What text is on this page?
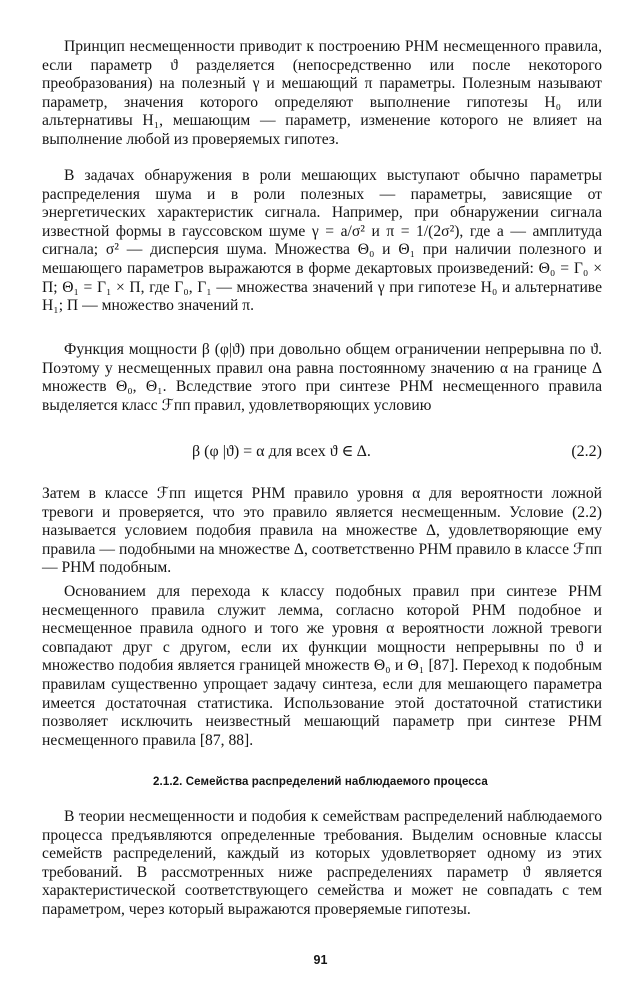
Принцип несмещенности приводит к построению РНМ несмещенного правила, если параметр ϑ разделяется (непосредственно или после некоторого преобразования) на полезный γ и мешающий π параметры. Полезным называют параметр, значения которого определяют выполнение гипотезы H₀ или альтернативы H₁, мешающим — параметр, изменение которого не влияет на выполнение любой из проверяемых гипотез.

В задачах обнаружения в роли мешающих выступают обычно параметры распределения шума и в роли полезных — параметры, зависящие от энергетических характеристик сигнала. Например, при обнаружении сигнала известной формы в гауссовском шуме γ = a/σ² и π = 1/(2σ²), где a — амплитуда сигнала; σ² — дисперсия шума. Множества Θ₀ и Θ₁ при наличии полезного и мешающего параметров выражаются в форме декартовых произведений: Θ₀ = Γ₀ × Π; Θ₁ = Γ₁ × Π, где Γ₀, Γ₁ — множества значений γ при гипотезе H₀ и альтернативе H₁; Π — множество значений π.

Функция мощности β (φ|ϑ) при довольно общем ограничении непрерывна по ϑ. Поэтому у несмещенных правил она равна постоянному значению α на границе Δ множеств Θ₀, Θ₁. Вследствие этого при синтезе РНМ несмещенного правила выделяется класс ℱпп правил, удовлетворяющих условию

β (φ |ϑ) = α для всех ϑ ∈ Δ.	(2.2)

Затем в классе ℱпп ищется РНМ правило уровня α для вероятности ложной тревоги и проверяется, что это правило является несмещенным. Условие (2.2) называется условием подобия правила на множестве Δ, удовлетворяющие ему правила — подобными на множестве Δ, соответственно РНМ правило в классе ℱпп — РНМ подобным.

Основанием для перехода к классу подобных правил при синтезе РНМ несмещенного правила служит лемма, согласно которой РНМ подобное и несмещенное правила одного и того же уровня α вероятности ложной тревоги совпадают друг с другом, если их функции мощности непрерывны по ϑ и множество подобия является границей множеств Θ₀ и Θ₁ [87]. Переход к подобным правилам существенно упрощает задачу синтеза, если для мешающего параметра имеется достаточная статистика. Использование этой достаточной статистики позволяет исключить неизвестный мешающий параметр при синтезе РНМ несмещенного правила [87, 88].

2.1.2. Семейства распределений наблюдаемого процесса

В теории несмещенности и подобия к семействам распределений наблюдаемого процесса предъявляются определенные требования. Выделим основные классы семейств распределений, каждый из которых удовлетворяет одному из этих требований. В рассмотренных ниже распределениях параметр ϑ является характеристической соответствующего семейства и может не совпадать с тем параметром, через который выражаются проверяемые гипотезы.

91
